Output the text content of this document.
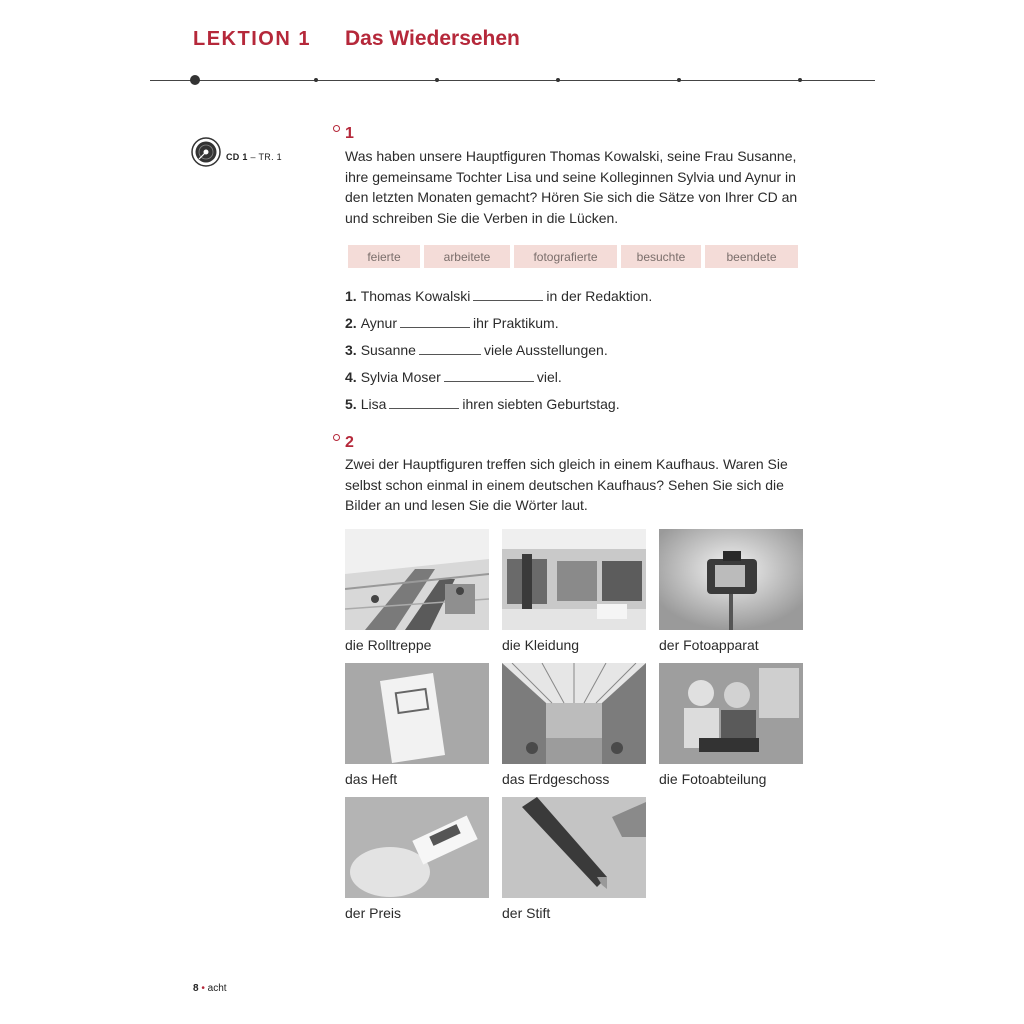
LEKTION 1 Das Wiedersehen
CD 1 – TR. 1
1
Was haben unsere Hauptfiguren Thomas Kowalski, seine Frau Susanne, ihre gemeinsame Tochter Lisa und seine Kolleginnen Sylvia und Aynur in den letzten Monaten gemacht? Hören Sie sich die Sätze von Ihrer CD an und schreiben Sie die Verben in die Lücken.
feierte	arbeitete	fotografierte	besuchte	beendete
1. Thomas Kowalski	in der Redaktion.
2. Aynur	ihr Praktikum.
3. Susanne	viele Ausstellungen.
4. Sylvia Moser	viel.
5. Lisa	ihren siebten Geburtstag.
2
Zwei der Hauptfiguren treffen sich gleich in einem Kaufhaus. Waren Sie selbst schon einmal in einem deutschen Kaufhaus? Sehen Sie sich die Bilder an und lesen Sie die Wörter laut.
die Rolltreppe	die Kleidung	der Fotoapparat
das Heft	das Erdgeschoss	die Fotoabteilung
der Preis	der Stift
8 • acht
